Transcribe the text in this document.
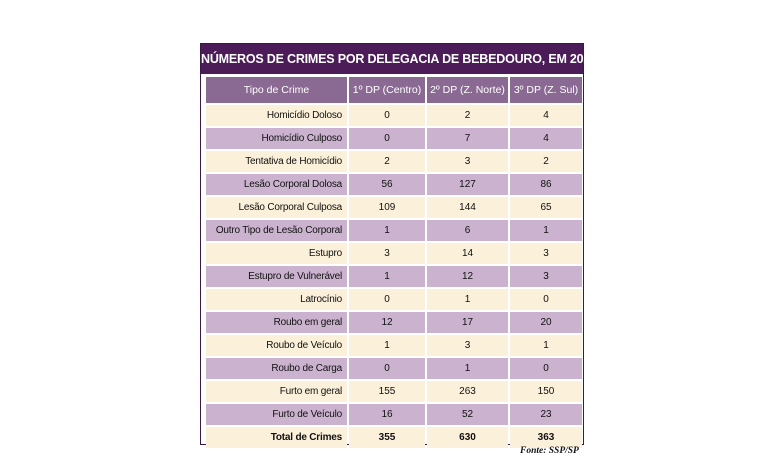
NÚMEROS DE CRIMES POR DELEGACIA DE BEBEDOURO, EM 2024
Tipo de Crime	1º DP (Centro)	2º DP (Z. Norte)	3º DP (Z. Sul)
Homicídio Doloso	0	2	4
Homicídio Culposo	0	7	4
Tentativa de Homicídio	2	3	2
Lesão Corporal Dolosa	56	127	86
Lesão Corporal Culposa	109	144	65
Outro Tipo de Lesão Corporal	1	6	1
Estupro	3	14	3
Estupro de Vulnerável	1	12	3
Latrocínio	0	1	0
Roubo em geral	12	17	20
Roubo de Veículo	1	3	1
Roubo de Carga	0	1	0
Furto em geral	155	263	150
Furto de Veículo	16	52	23
Total de Crimes	355	630	363
Fonte: SSP/SP
